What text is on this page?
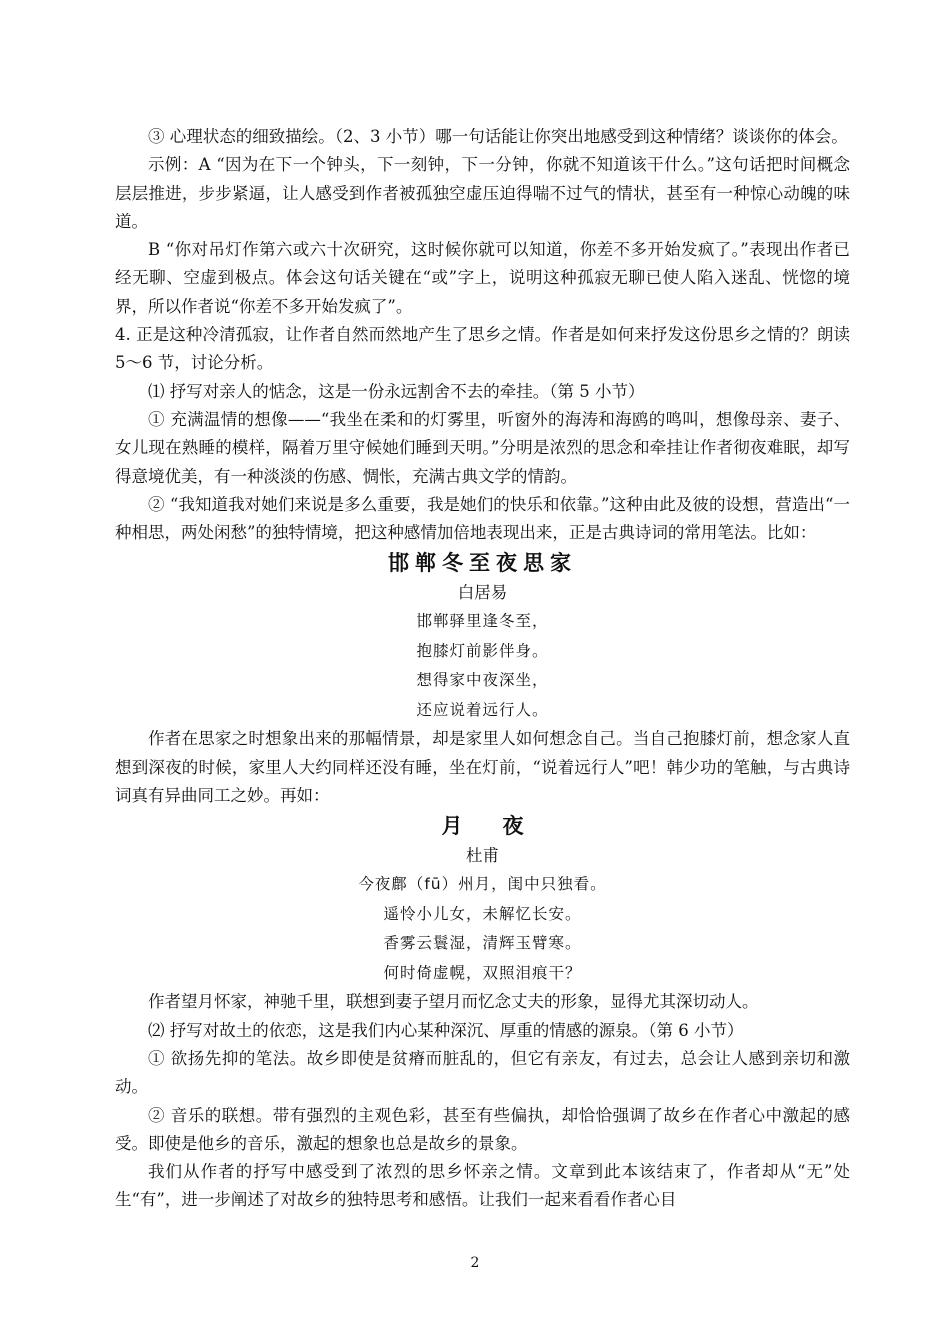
③ 心理状态的细致描绘。（2、3 小节）哪一句话能让你突出地感受到这种情绪？谈谈你的体会。

示例：A “因为在下一个钟头，下一刻钟，下一分钟，你就不知道该干什么。”这句话把时间概念层层推进，步步紧逼，让人感受到作者被孤独空虚压迫得喘不过气的情状，甚至有一种惊心动魄的味道。

B “你对吊灯作第六或六十次研究，这时候你就可以知道，你差不多开始发疯了。”表现出作者已经无聊、空虚到极点。体会这句话关键在“或”字上，说明这种孤寂无聊已使人陷入迷乱、恍惚的境界，所以作者说“你差不多开始发疯了”。

4. 正是这种冷清孤寂，让作者自然而然地产生了思乡之情。作者是如何来抒发这份思乡之情的？朗读 5～6 节，讨论分析。

⑴ 抒写对亲人的惦念，这是一份永远割舍不去的牵挂。（第 5 小节）

① 充满温情的想像——“我坐在柔和的灯雾里，听窗外的海涛和海鸥的鸣叫，想像母亲、妻子、女儿现在熟睡的模样，隔着万里守候她们睡到天明。”分明是浓烈的思念和牵挂让作者彻夜难眠，却写得意境优美，有一种淡淡的伤感、惆怅，充满古典文学的情韵。

② “我知道我对她们来说是多么重要，我是她们的快乐和依靠。”这种由此及彼的设想，营造出“一种相思，两处闲愁”的独特情境，把这种感情加倍地表现出来，正是古典诗词的常用笔法。比如：

邯郸冬至夜思家

白居易

邯郸驿里逢冬至，

抱膝灯前影伴身。

想得家中夜深坐，

还应说着远行人。

作者在思家之时想象出来的那幅情景，却是家里人如何想念自己。当自己抱膝灯前，想念家人直想到深夜的时候，家里人大约同样还没有睡，坐在灯前，“说着远行人”吧！韩少功的笔触，与古典诗词真有异曲同工之妙。再如：

月夜

杜甫

今夜鄜（fū）州月，闺中只独看。

遥怜小儿女，未解忆长安。

香雾云鬟湿，清辉玉臂寒。

何时倚虚幌，双照泪痕干？

作者望月怀家，神驰千里，联想到妻子望月而忆念丈夫的形象，显得尤其深切动人。

⑵ 抒写对故土的依恋，这是我们内心某种深沉、厚重的情感的源泉。（第 6 小节）

① 欲扬先抑的笔法。故乡即使是贫瘠而脏乱的，但它有亲友，有过去，总会让人感到亲切和激动。

② 音乐的联想。带有强烈的主观色彩，甚至有些偏执，却恰恰强调了故乡在作者心中激起的感受。即使是他乡的音乐，激起的想象也总是故乡的景象。

我们从作者的抒写中感受到了浓烈的思乡怀亲之情。文章到此本该结束了，作者却从“无”处生“有”，进一步阐述了对故乡的独特思考和感悟。让我们一起来看看作者心目

2
